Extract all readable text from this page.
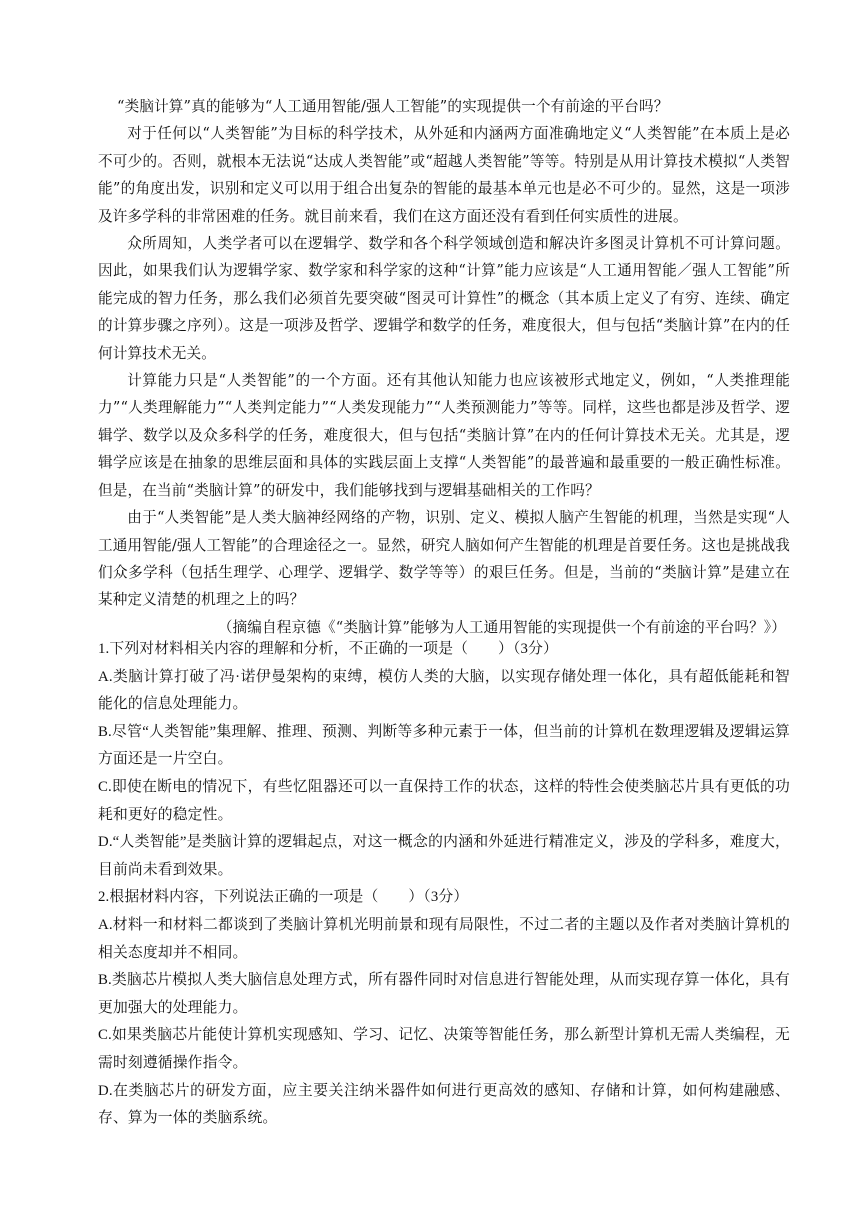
“类脑计算”真的能够为“人工通用智能/强人工智能”的实现提供一个有前途的平台吗？

对于任何以“人类智能”为目标的科学技术，从外延和内涵两方面准确地定义“人类智能”在本质上是必不可少的。否则，就根本无法说“达成人类智能”或“超越人类智能”等等。特别是从用计算技术模拟“人类智能”的角度出发，识别和定义可以用于组合出复杂的智能的最基本单元也是必不可少的。显然，这是一项涉及许多学科的非常困难的任务。就目前来看，我们在这方面还没有看到任何实质性的进展。

众所周知，人类学者可以在逻辑学、数学和各个科学领域创造和解决许多图灵计算机不可计算问题。因此，如果我们认为逻辑学家、数学家和科学家的这种“计算”能力应该是“人工通用智能／强人工智能”所能完成的智力任务，那么我们必须首先要突破“图灵可计算性”的概念（其本质上定义了有穷、连续、确定的计算步骤之序列）。这是一项涉及哲学、逻辑学和数学的任务，难度很大，但与包括“类脑计算”在内的任何计算技术无关。

计算能力只是“人类智能”的一个方面。还有其他认知能力也应该被形式地定义，例如，“人类推理能力”“人类理解能力”“人类判定能力”“人类发现能力”“人类预测能力”等等。同样，这些也都是涉及哲学、逻辑学、数学以及众多科学的任务，难度很大，但与包括“类脑计算”在内的任何计算技术无关。尤其是，逻辑学应该是在抽象的思维层面和具体的实践层面上支撑“人类智能”的最普遍和最重要的一般正确性标准。但是，在当前“类脑计算”的研发中，我们能够找到与逻辑基础相关的工作吗？

由于“人类智能”是人类大脑神经网络的产物，识别、定义、模拟人脑产生智能的机理，当然是实现“人工通用智能/强人工智能”的合理途径之一。显然，研究人脑如何产生智能的机理是首要任务。这也是挑战我们众多学科（包括生理学、心理学、逻辑学、数学等等）的艰巨任务。但是，当前的“类脑计算”是建立在某种定义清楚的机理之上的吗？

（摘编自程京德《“类脑计算”能够为人工通用智能的实现提供一个有前途的平台吗？》）

1.下列对材料相关内容的理解和分析，不正确的一项是（　　）（3分）

A.类脑计算打破了冯·诺伊曼架构的束缚，模仿人类的大脑，以实现存储处理一体化，具有超低能耗和智能化的信息处理能力。

B.尽管“人类智能”集理解、推理、预测、判断等多种元素于一体，但当前的计算机在数理逻辑及逻辑运算方面还是一片空白。

C.即使在断电的情况下，有些忆阻器还可以一直保持工作的状态，这样的特性会使类脑芯片具有更低的功耗和更好的稳定性。

D.“人类智能”是类脑计算的逻辑起点，对这一概念的内涵和外延进行精准定义，涉及的学科多，难度大，目前尚未看到效果。

2.根据材料内容，下列说法正确的一项是（　　）（3分）

A.材料一和材料二都谈到了类脑计算机光明前景和现有局限性，不过二者的主题以及作者对类脑计算机的相关态度却并不相同。

B.类脑芯片模拟人类大脑信息处理方式，所有器件同时对信息进行智能处理，从而实现存算一体化，具有更加强大的处理能力。

C.如果类脑芯片能使计算机实现感知、学习、记忆、决策等智能任务，那么新型计算机无需人类编程，无需时刻遵循操作指令。

D.在类脑芯片的研发方面，应主要关注纳米器件如何进行更高效的感知、存储和计算，如何构建融感、存、算为一体的类脑系统。
